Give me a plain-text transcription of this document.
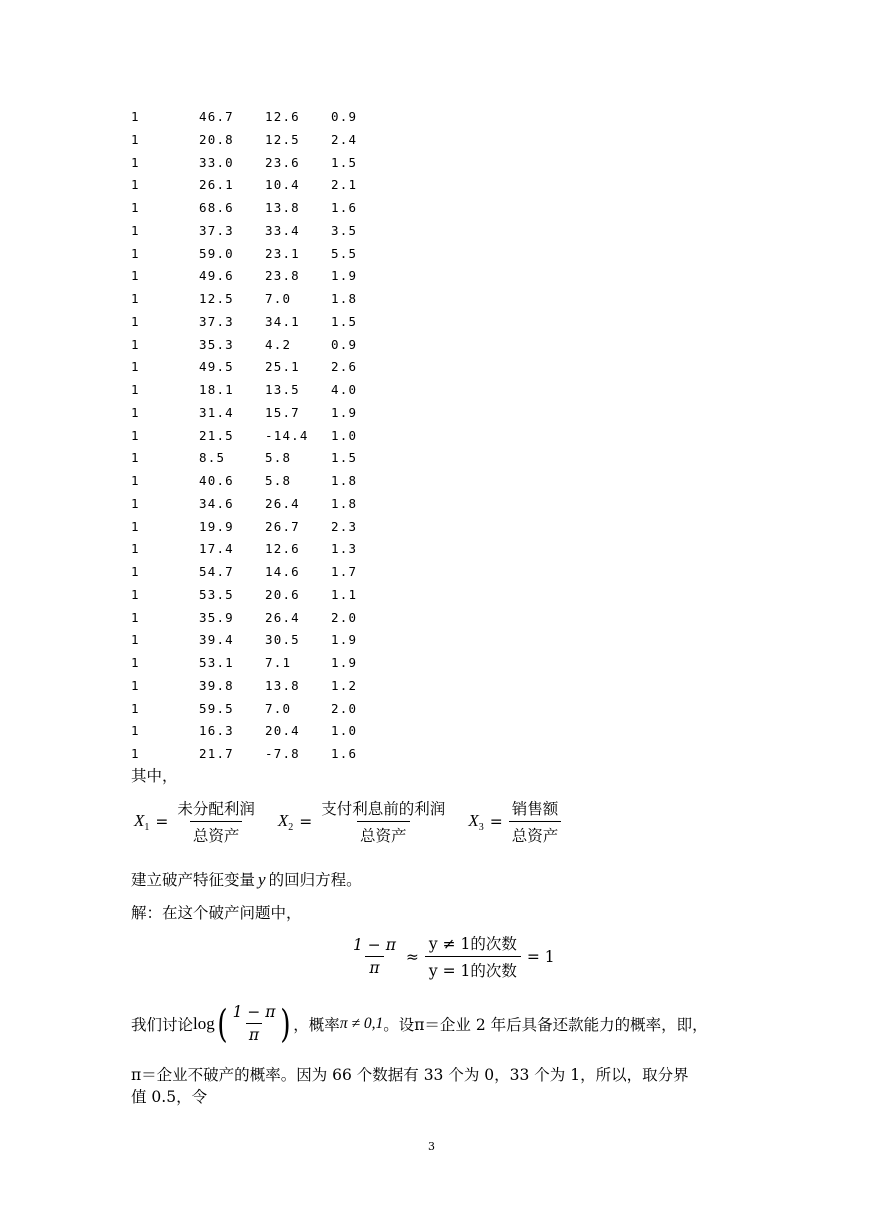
1	46.7 12.6 0.9
1	20.8 12.5 2.4
1	33.0 23.6 1.5
1	26.1 10.4 2.1
1	68.6 13.8 1.6
1	37.3 33.4 3.5
1	59.0 23.1 5.5
1	49.6 23.8 1.9
1	12.5 7.0	1.8
1	37.3 34.1 1.5
1	35.3 4.2	0.9
1	49.5 25.1 2.6
1	18.1 13.5 4.0
1	31.4 15.7 1.9
1	21.5 -14.4 1.0
1	8.5	5.8	1.5
1	40.6 5.8	1.8
1	34.6 26.4 1.8
1	19.9 26.7 2.3
1	17.4 12.6 1.3
1	54.7 14.6 1.7
1	53.5 20.6 1.1
1	35.9 26.4 2.0
1	39.4 30.5 1.9
1	53.1 7.1	1.9
1	39.8 13.8 1.2
1	59.5 7.0	2.0
1	16.3 20.4 1.0
1	21.7 -7.8 1.6
其中，
$X_1 = \frac{\text{未分配利润}}{\text{总资产}} X_2 = \frac{\text{支付利息前的利润}}{\text{总资产}} X_3 = \frac{\text{销售额}}{\text{总资产}}$
建立破产特征变量 y 的回归方程。
解：在这个破产问题中，
$\frac{1 - \pi}{\pi} \approx \frac{\text{y ≠ 1的次数}}{\text{y = 1的次数}} = 1$
我们讨论 log ( $\frac{1 - \pi}{\pi}$ ) ，概率 π ≠ 0,1 。设π＝企业 2 年后具备还款能力的概率，即，
π＝企业不破产的概率。因为 66 个数据有 33 个为 0，33 个为 1，所以，取分界
值 0.5，令
3
